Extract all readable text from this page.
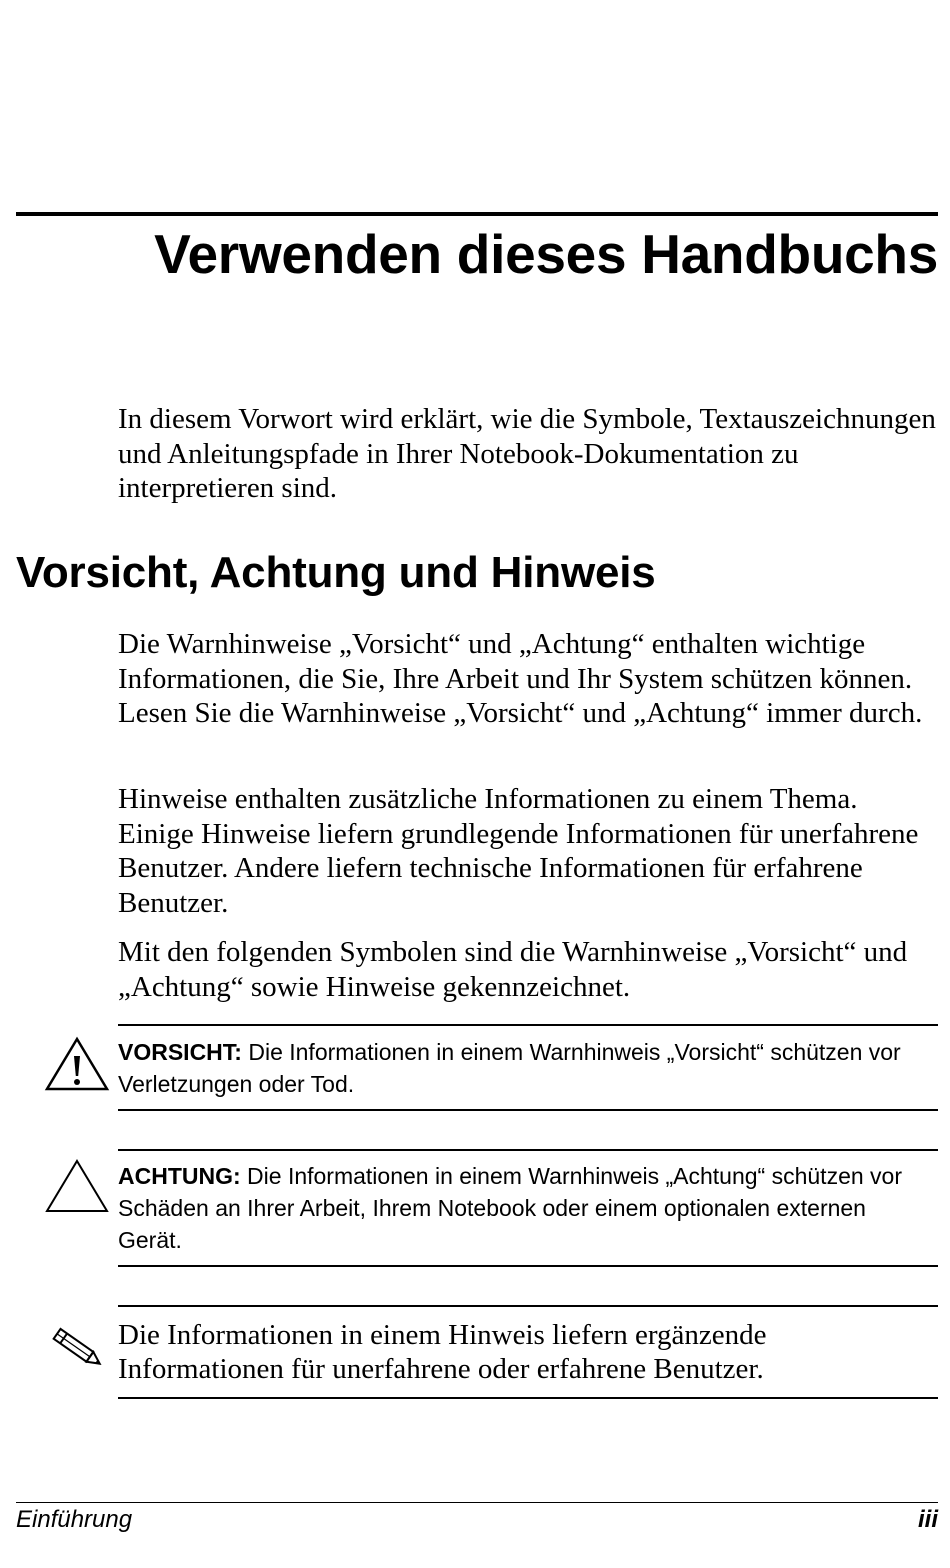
Verwenden dieses Handbuchs

In diesem Vorwort wird erklärt, wie die Symbole, Textauszeichnungen und Anleitungspfade in Ihrer Notebook-Dokumentation zu interpretieren sind.

Vorsicht, Achtung und Hinweis

Die Warnhinweise „Vorsicht“ und „Achtung“ enthalten wichtige Informationen, die Sie, Ihre Arbeit und Ihr System schützen können. Lesen Sie die Warnhinweise „Vorsicht“ und „Achtung“ immer durch.

Hinweise enthalten zusätzliche Informationen zu einem Thema. Einige Hinweise liefern grundlegende Informationen für unerfahrene Benutzer. Andere liefern technische Informationen für erfahrene Benutzer.

Mit den folgenden Symbolen sind die Warnhinweise „Vorsicht“ und „Achtung“ sowie Hinweise gekennzeichnet.

VORSICHT: Die Informationen in einem Warnhinweis „Vorsicht“ schützen vor Verletzungen oder Tod.

ACHTUNG: Die Informationen in einem Warnhinweis „Achtung“ schützen vor Schäden an Ihrer Arbeit, Ihrem Notebook oder einem optionalen externen Gerät.

Die Informationen in einem Hinweis liefern ergänzende Informationen für unerfahrene oder erfahrene Benutzer.

Einführung	iii
